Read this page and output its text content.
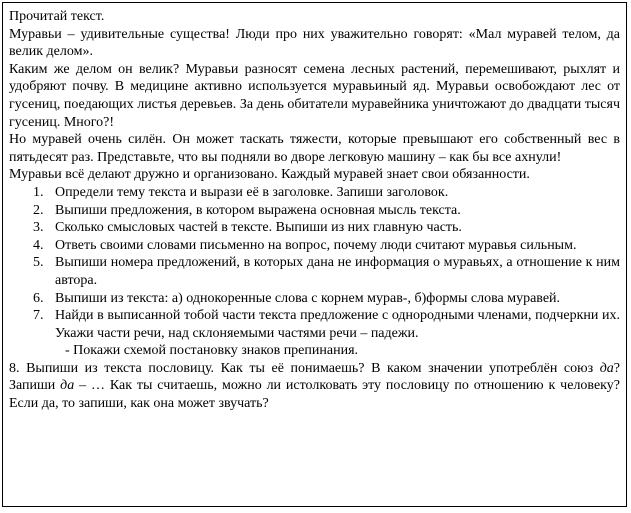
Прочитай текст.

Муравьи – удивительные существа! Люди про них уважительно говорят: «Мал муравей телом, да велик делом».

Каким же делом он велик? Муравьи разносят семена лесных растений, перемешивают, рыхлят и удобряют почву. В медицине активно используется муравьиный яд. Муравьи освобождают лес от гусениц, поедающих листья деревьев. За день обитатели муравейника уничтожают до двадцати тысяч гусениц. Много?!

Но муравей очень силён. Он может таскать тяжести, которые превышают его собственный вес в пятьдесят раз. Представьте, что вы подняли во дворе легковую машину – как бы все ахнули!

Муравьи всё делают дружно и организовано. Каждый муравей знает свои обязанности.

1. Определи тему текста и вырази её в заголовке. Запиши заголовок.
2. Выпиши предложения, в котором выражена основная мысль текста.
3. Сколько смысловых частей в тексте. Выпиши из них главную часть.
4. Ответь своими словами письменно на вопрос, почему люди считают муравья сильным.
5. Выпиши номера предложений, в которых дана не информация о муравьях, а отношение к ним автора.
6. Выпиши из текста: а) однокоренные слова с корнем мурав-, б)формы слова муравей.
7. Найди в выписанной тобой части текста предложение с однородными членами, подчеркни их. Укажи части речи, над склоняемыми частями речи – падежи.
- Покажи схемой постановку знаков препинания.

8. Выпиши из текста пословицу. Как ты её понимаешь? В каком значении употреблён союз да? Запиши да – … Как ты считаешь, можно ли истолковать эту пословицу по отношению к человеку? Если да, то запиши, как она может звучать?
